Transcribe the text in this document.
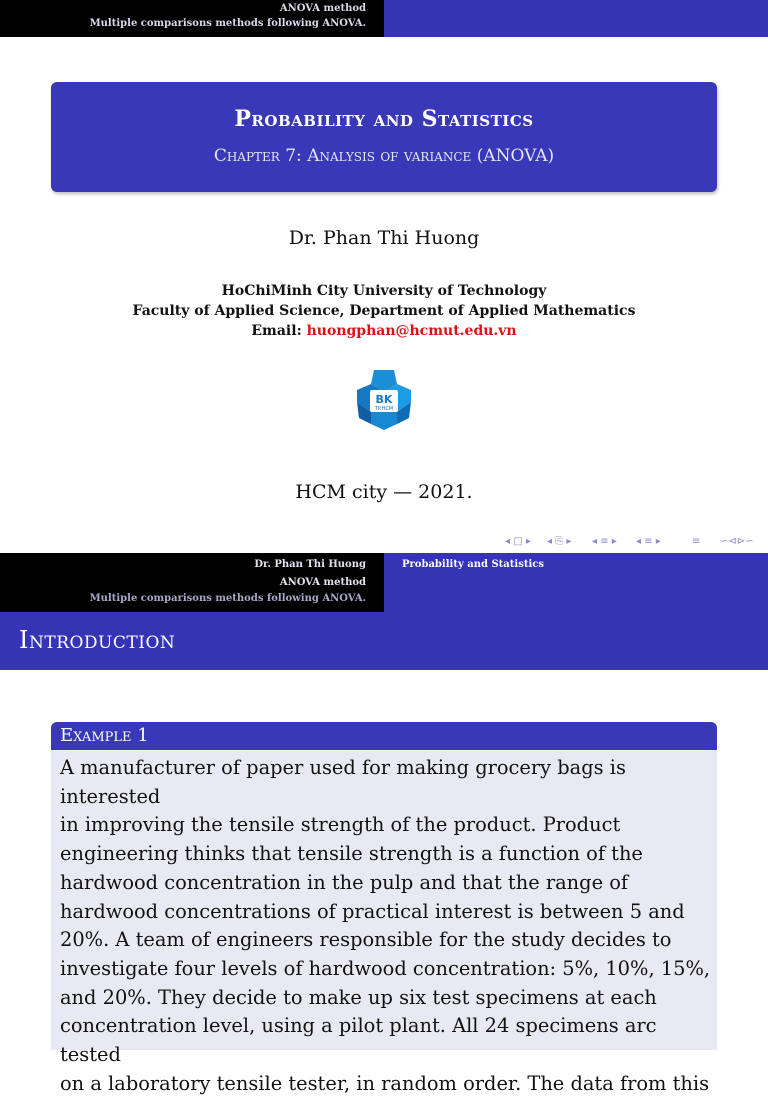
ANOVA method
Multiple comparisons methods following ANOVA.
Probability and Statistics
Chapter 7: Analysis of variance (ANOVA)
Dr. Phan Thi Huong
HoChiMinh City University of Technology
Faculty of Applied Science, Department of Applied Mathematics
Email: huongphan@hcmut.edu.vn
BK
TP.HCM
HCM city — 2021.
◂ □ ▸ ◂ ⎘ ▸ ◂ ≡ ▸ ◂ ≡ ▸	≡ ∽⊲⊳∽
Dr. Phan Thi Huong
ANOVA method
Multiple comparisons methods following ANOVA.
Probability and Statistics
Introduction
Example 1
A manufacturer of paper used for making grocery bags is interested
in improving the tensile strength of the product. Product
engineering thinks that tensile strength is a function of the
hardwood concentration in the pulp and that the range of
hardwood concentrations of practical interest is between 5 and
20%. A team of engineers responsible for the study decides to
investigate four levels of hardwood concentration: 5%, 10%, 15%,
and 20%. They decide to make up six test specimens at each
concentration level, using a pilot plant. All 24 specimens arc tested
on a laboratory tensile tester, in random order. The data from this
